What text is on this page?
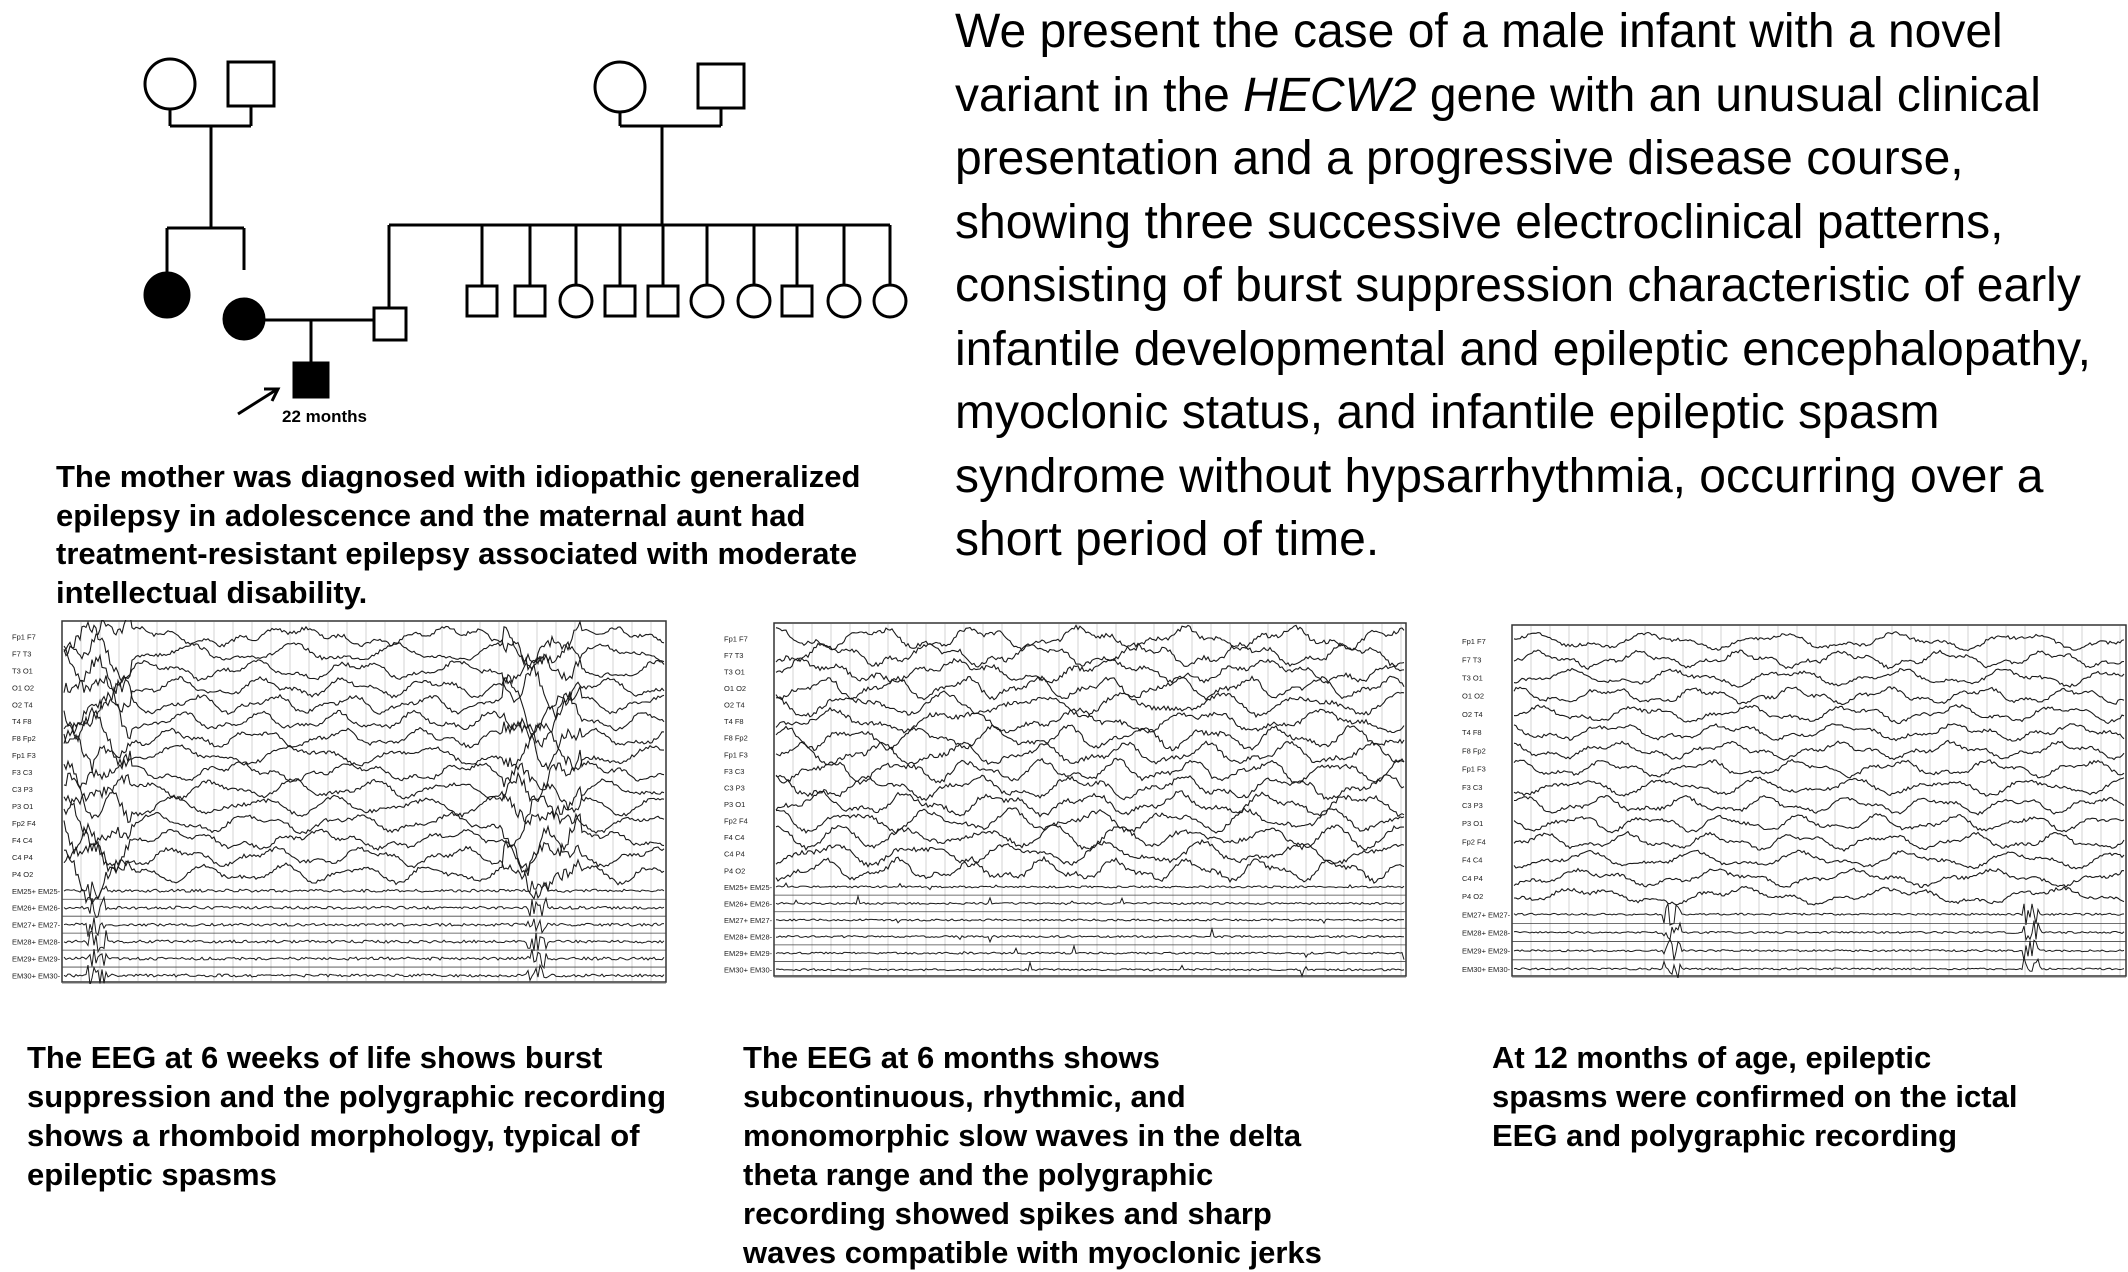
22 months

We present the case of a male infant with a novel variant in the HECW2 gene with an unusual clinical presentation and a progressive disease course, showing three successive electroclinical patterns, consisting of burst suppression characteristic of early infantile developmental and epileptic encephalopathy, myoclonic status, and infantile epileptic spasm syndrome without hypsarrhythmia, occurring over a short period of time.

The mother was diagnosed with idiopathic generalized epilepsy in adolescence and the maternal aunt had treatment-resistant epilepsy associated with moderate intellectual disability.

Fp1 F7
F7 T3
T3 O1
O1 O2
O2 T4
T4 F8
F8 Fp2
Fp1 F3
F3 C3
C3 P3
P3 O1
Fp2 F4
F4 C4
C4 P4
P4 O2
EM25+ EM25-
EM26+ EM26-
EM27+ EM27-
EM28+ EM28-
EM29+ EM29-
EM30+ EM30-
Fp1 F7
F7 T3
T3 O1
O1 O2
O2 T4
T4 F8
F8 Fp2
Fp1 F3
F3 C3
C3 P3
P3 O1
Fp2 F4
F4 C4
C4 P4
P4 O2
EM25+ EM25-
EM26+ EM26-
EM27+ EM27-
EM28+ EM28-
EM29+ EM29-
EM30+ EM30-
Fp1 F7
F7 T3
T3 O1
O1 O2
O2 T4
T4 F8
F8 Fp2
Fp1 F3
F3 C3
C3 P3
P3 O1
Fp2 F4
F4 C4
C4 P4
P4 O2
EM27+ EM27-
EM28+ EM28-
EM29+ EM29-
EM30+ EM30-

The EEG at 6 weeks of life shows burst suppression and the polygraphic recording shows a rhomboid morphology, typical of epileptic spasms

The EEG at 6 months shows subcontinuous, rhythmic, and monomorphic slow waves in the delta theta range and the polygraphic recording showed spikes and sharp waves compatible with myoclonic jerks

At 12 months of age, epileptic spasms were confirmed on the ictal EEG and polygraphic recording
